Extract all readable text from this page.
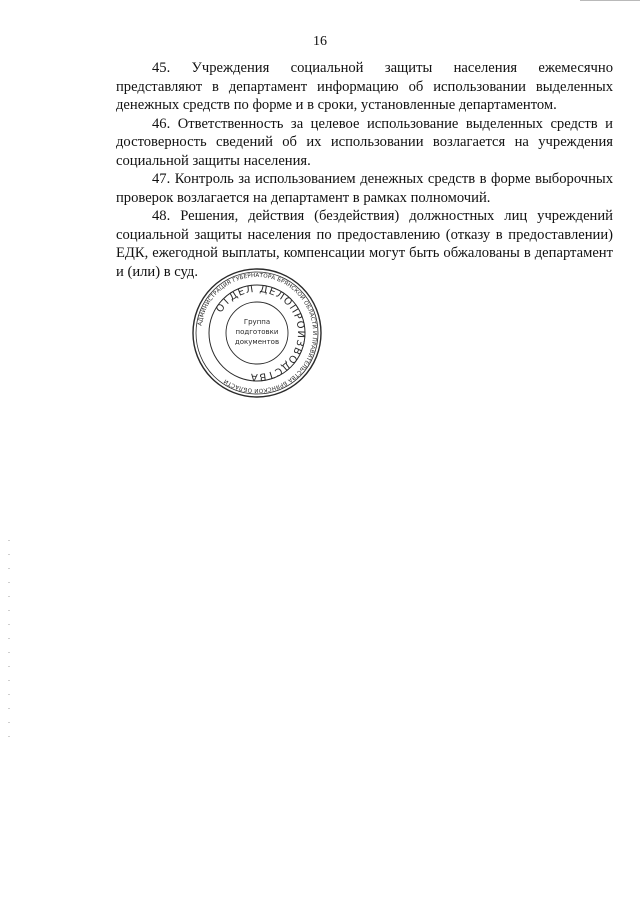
16

45. Учреждения социальной защиты населения ежемесячно представляют в департамент информацию об использовании выделенных денежных средств по форме и в сроки, установленные департаментом.

46. Ответственность за целевое использование выделенных средств и достоверность сведений об их использовании возлагается на учреждения социальной защиты населения.

47. Контроль за использованием денежных средств в форме выборочных проверок возлагается на департамент в рамках полномочий.

48. Решения, действия (бездействия) должностных лиц учреждений социальной защиты населения по предоставлению (отказу в предоставлении) ЕДК, ежегодной выплаты, компенсации могут быть обжалованы в департамент и (или) в суд.

АДМИНИСТРАЦИЯ ГУБЕРНАТОРА БРЯНСКОЙ ОБЛАСТИ И ПРАВИТЕЛЬСТВА БРЯНСКОЙ ОБЛАСТИ
ОТДЕЛ ДЕЛОПРОИЗВОДСТВА
Группа
подготовки
документов
